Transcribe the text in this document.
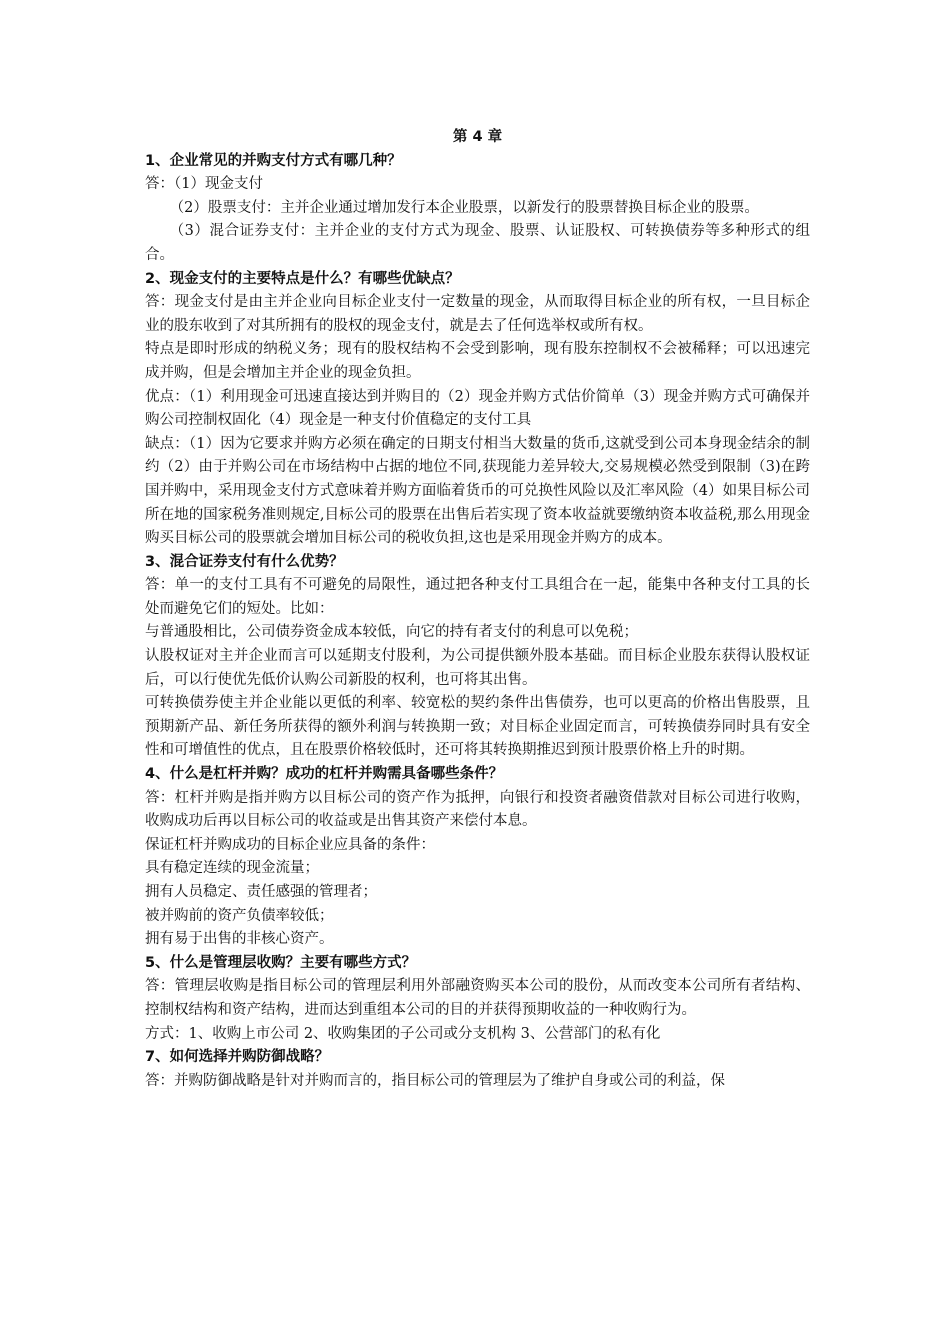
第 4 章
1、企业常见的并购支付方式有哪几种？

答：（1）现金支付

（2）股票支付：主并企业通过增加发行本企业股票，以新发行的股票替换目标企业的股票。

（3）混合证券支付：主并企业的支付方式为现金、股票、认证股权、可转换债券等多种形式的组合。

2、现金支付的主要特点是什么？有哪些优缺点？

答：现金支付是由主并企业向目标企业支付一定数量的现金，从而取得目标企业的所有权，一旦目标企业的股东收到了对其所拥有的股权的现金支付，就是去了任何选举权或所有权。

特点是即时形成的纳税义务；现有的股权结构不会受到影响，现有股东控制权不会被稀释；可以迅速完成并购，但是会增加主并企业的现金负担。

优点：（1）利用现金可迅速直接达到并购目的（2）现金并购方式估价简单（3）现金并购方式可确保并购公司控制权固化（4）现金是一种支付价值稳定的支付工具

缺点：（1）因为它要求并购方必须在确定的日期支付相当大数量的货币,这就受到公司本身现金结余的制约（2）由于并购公司在市场结构中占据的地位不同,获现能力差异较大,交易规模必然受到限制（3)在跨国并购中，采用现金支付方式意味着并购方面临着货币的可兑换性风险以及汇率风险（4）如果目标公司所在地的国家税务准则规定,目标公司的股票在出售后若实现了资本收益就要缴纳资本收益税,那么用现金购买目标公司的股票就会增加目标公司的税收负担,这也是采用现金并购方的成本。

3、混合证券支付有什么优势？

答：单一的支付工具有不可避免的局限性，通过把各种支付工具组合在一起，能集中各种支付工具的长处而避免它们的短处。比如：

与普通股相比，公司债券资金成本较低，向它的持有者支付的利息可以免税；

认股权证对主并企业而言可以延期支付股利，为公司提供额外股本基础。而目标企业股东获得认股权证后，可以行使优先低价认购公司新股的权利，也可将其出售。

可转换债券使主并企业能以更低的利率、较宽松的契约条件出售债券，也可以更高的价格出售股票，且预期新产品、新任务所获得的额外利润与转换期一致；对目标企业固定而言，可转换债券同时具有安全性和可增值性的优点，且在股票价格较低时，还可将其转换期推迟到预计股票价格上升的时期。

4、什么是杠杆并购？成功的杠杆并购需具备哪些条件？

答：杠杆并购是指并购方以目标公司的资产作为抵押，向银行和投资者融资借款对目标公司进行收购，收购成功后再以目标公司的收益或是出售其资产来偿付本息。

保证杠杆并购成功的目标企业应具备的条件：

具有稳定连续的现金流量；

拥有人员稳定、责任感强的管理者；

被并购前的资产负债率较低；

拥有易于出售的非核心资产。

5、什么是管理层收购？主要有哪些方式？

答：管理层收购是指目标公司的管理层利用外部融资购买本公司的股份，从而改变本公司所有者结构、控制权结构和资产结构，进而达到重组本公司的目的并获得预期收益的一种收购行为。

方式：1、收购上市公司 2、收购集团的子公司或分支机构 3、公营部门的私有化

7、如何选择并购防御战略？

答：并购防御战略是针对并购而言的，指目标公司的管理层为了维护自身或公司的利益，保
